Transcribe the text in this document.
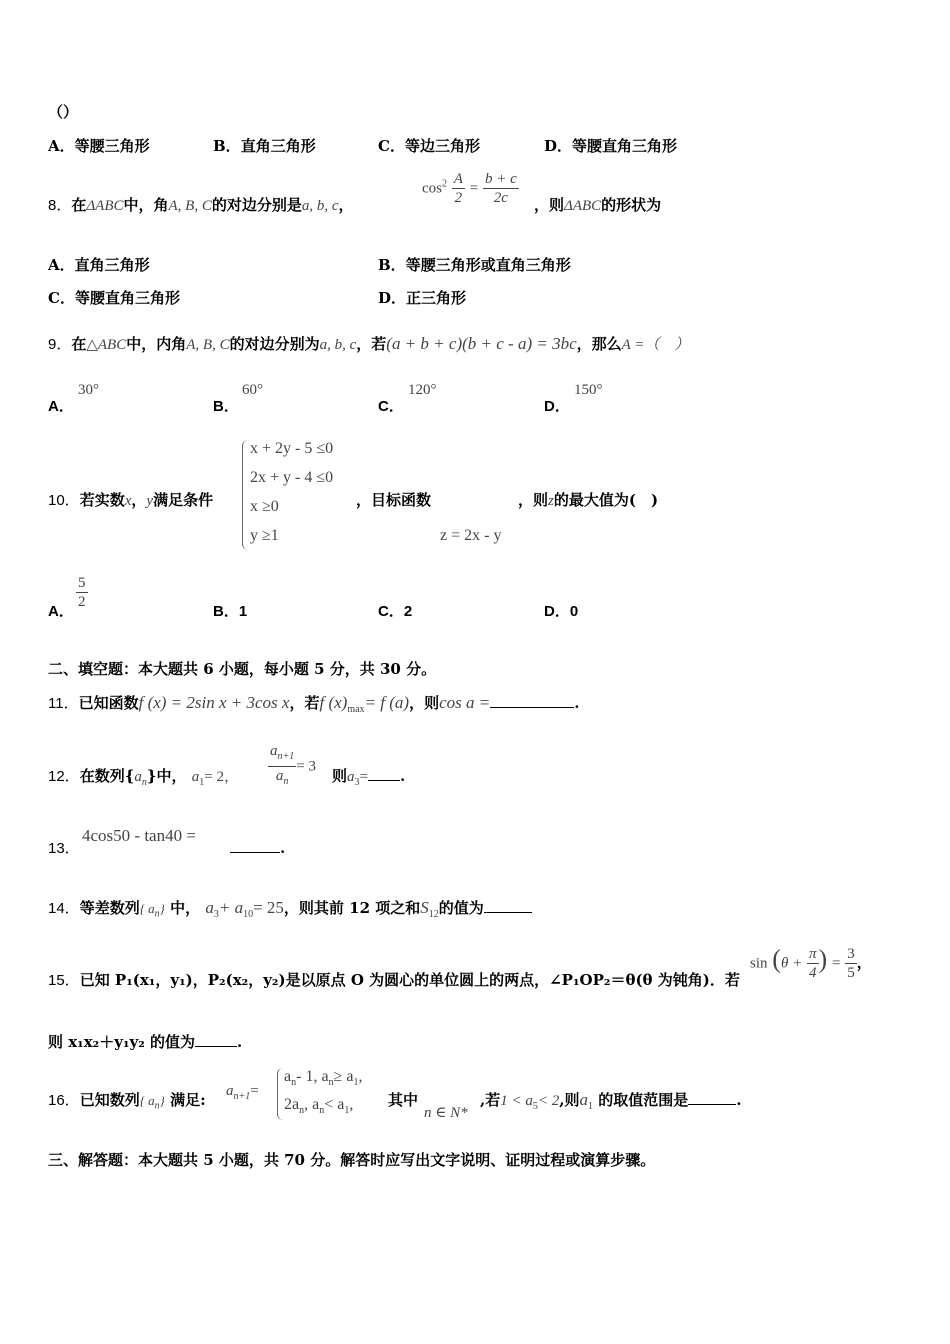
（）
A．等腰三角形	B．直角三角形	C．等边三角形	D．等腰直角三角形
8．在ΔABC中，角A, B, C的对边分别是a, b, c，
$\cos^2 \frac{A}{2} = \frac{b + c}{2c}$ ，则ΔABC的形状为
A．直角三角形	B．等腰三角形或直角三角形
C．等腰直角三角形	D．正三角形
9．在△ABC中，内角A, B, C的对边分别为a, b, c，若(a + b + c)(b + c - a) = 3bc，那么A =（　）
A．
30°
B．
60°
C．
120°
D．
150°
10．若实数x，y满足条件
x + 2y - 5 ≤0
2x + y - 4 ≤0
x ≥0
y ≥1
，目标函数	，则z的最大值为(　)
z = 2x - y
A．
$\frac{5}{2}$
B．1	C．2	D．0
二、填空题：本大题共 6 小题，每小题 5 分，共 30 分。
11．已知函数f (x) = 2sin x + 3cos x，若f $(x)_{max}= f$ (a)，则cos a =	.
12．在数列$\{a_n\}$中， $a_1= 2$， $\frac{a_{n+1}}{a_n} = 3$
则$a_3=$ .
13．
4cos50 - tan40 =
.
14．等差数列{ $a_n$} 中， $a_3+ a_{10}= 25$，则其前 12 项之和$S_{12}$的值为
15．已知 P₁(x₁，y₁)，P₂(x₂，y₂)是以原点 O 为圆心的单位圆上的两点，∠P₁OP₂＝θ(θ 为钝角)．若
$\sin (\theta + \frac{\pi}{4}$ ) = $\frac{3}{5}$ ，
则 x₁x₂＋y₁y₂ 的值为	.
16．已知数列{ $a_n$} 满足: $a_{n+1}=$
$a_n-$ 1, $a_n\ge a_1$,
$2a_n$, $a_n< a_1$, 其中
n ∈ N*
,若$1 < a_5< 2$,则$a_1$ 的取值范围是	.
三、解答题：本大题共 5 小题，共 70 分。解答时应写出文字说明、证明过程或演算步骤。
